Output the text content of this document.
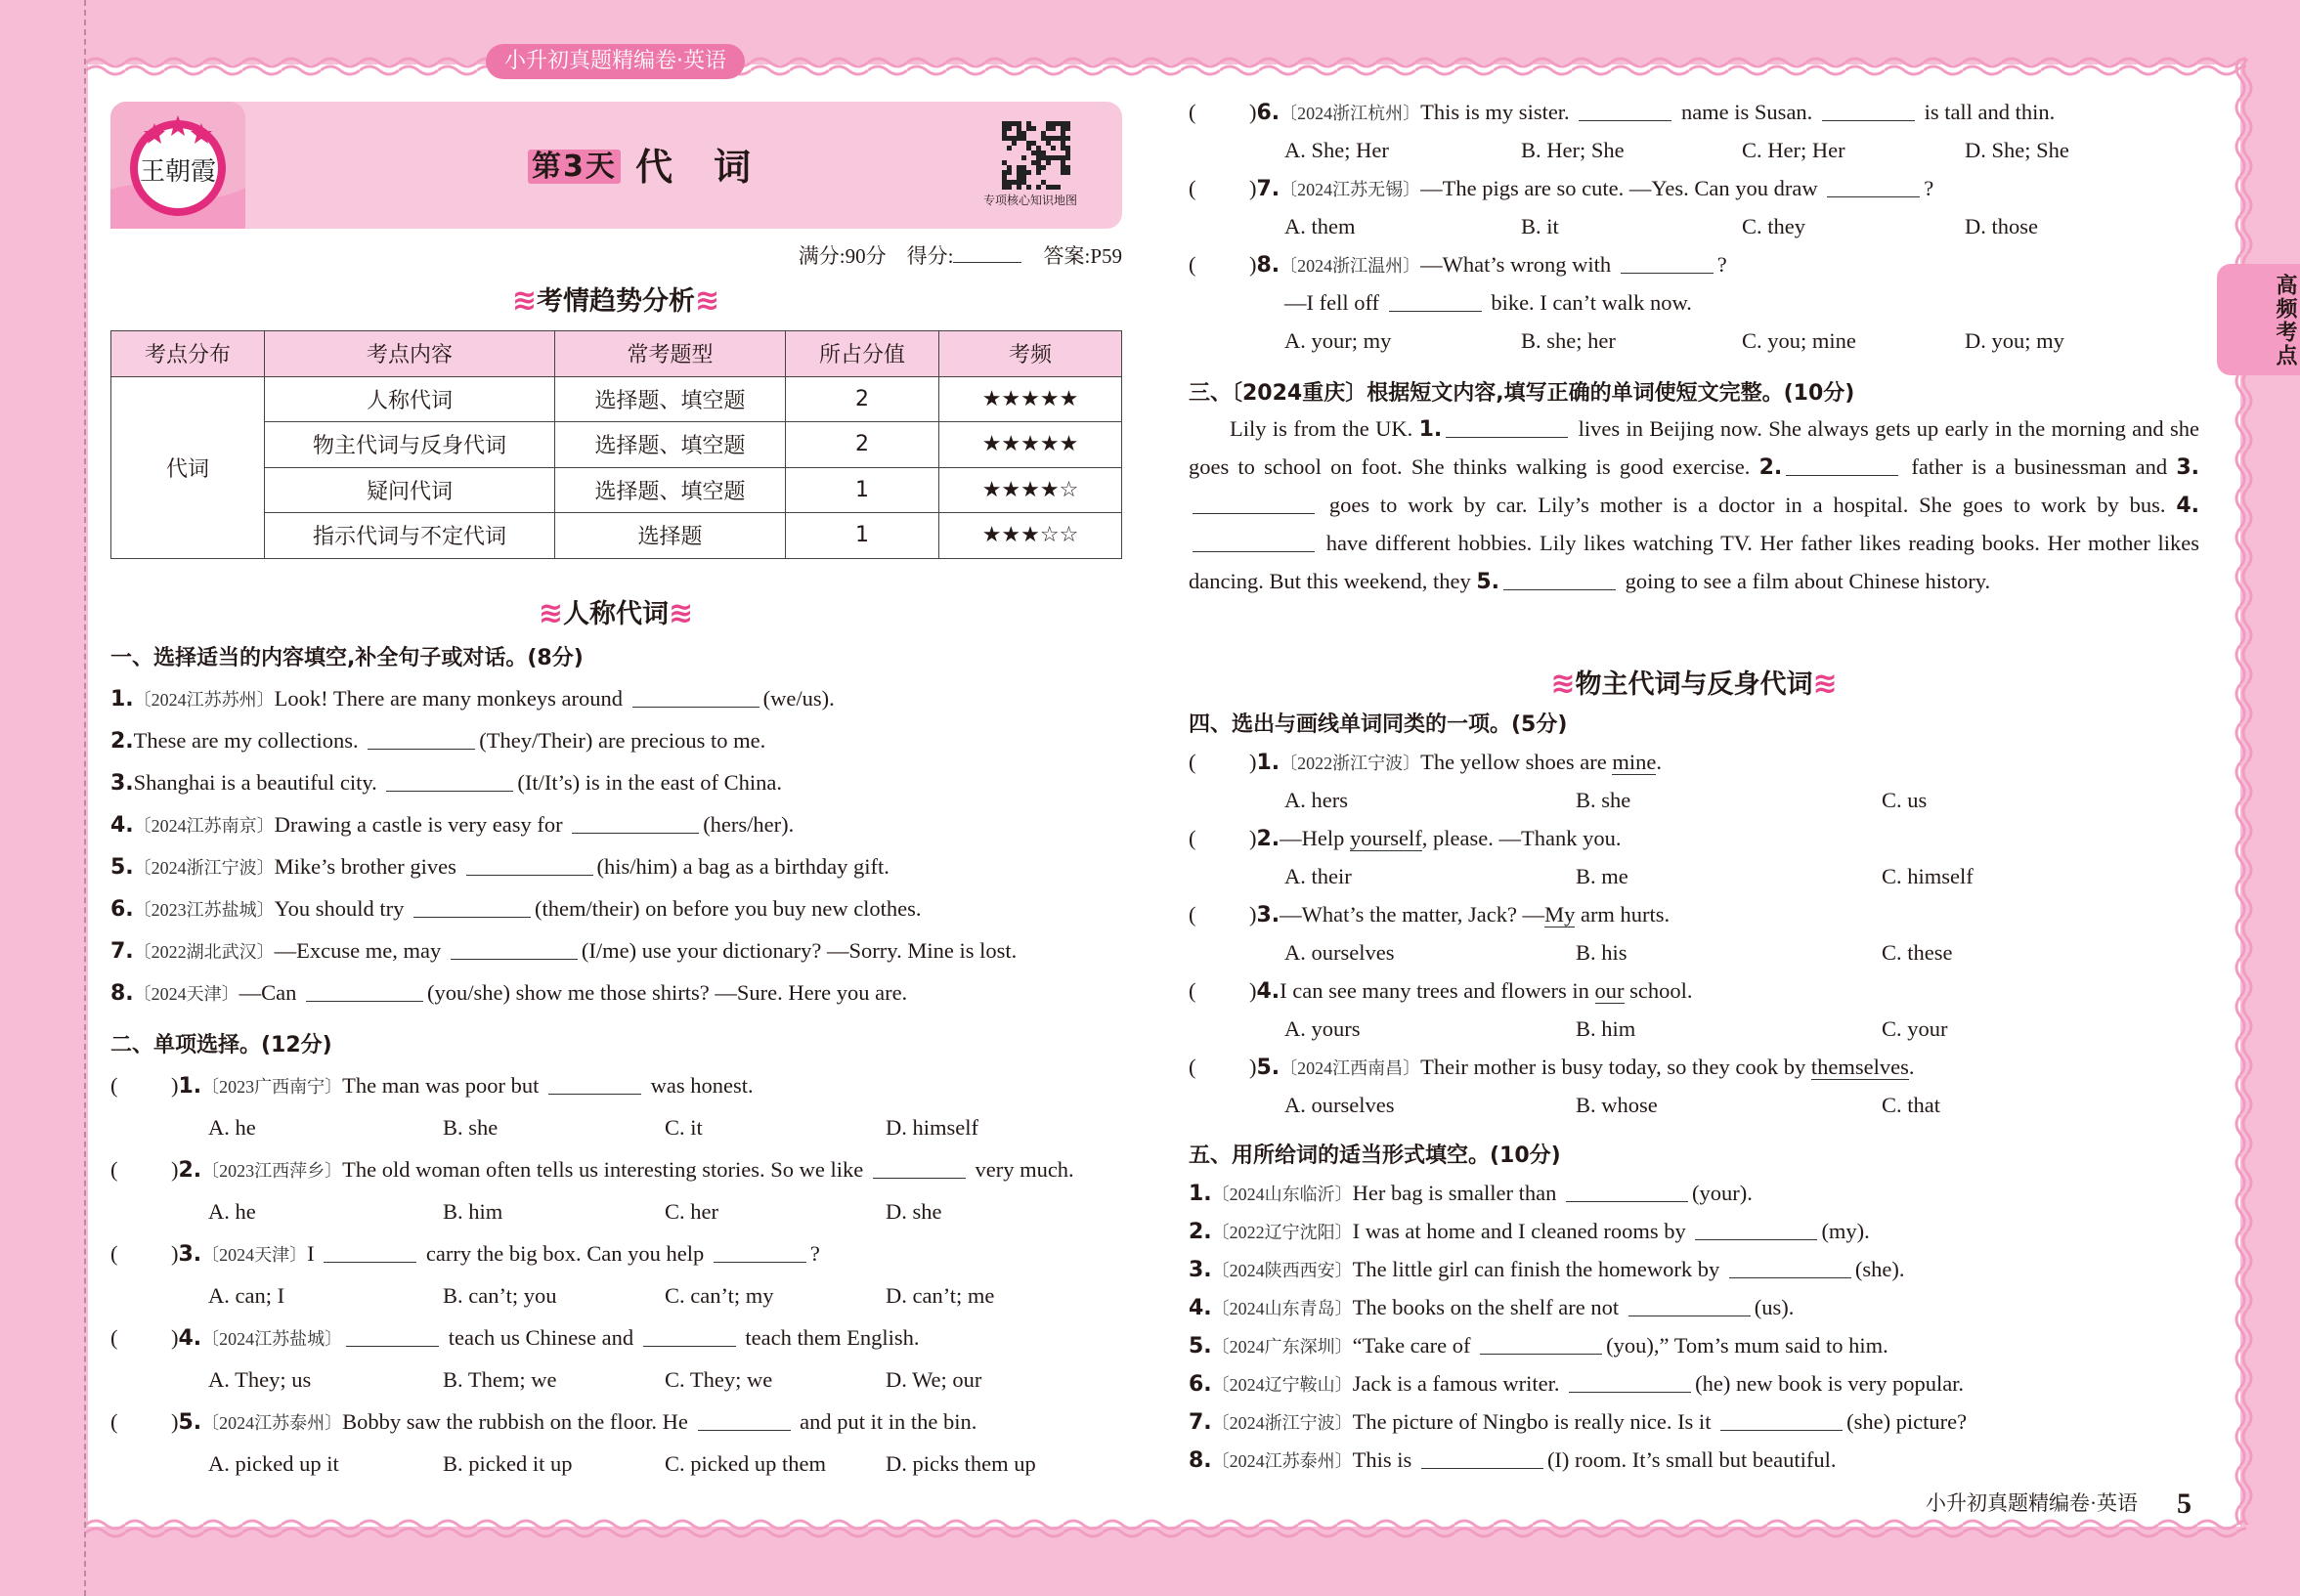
小升初真题精编卷·英语
王朝霞	第3天 代　词
专项核心知识地图
满分:90分　 得分:	答案:P59
≋考情趋势分析≋
考点分布	考点内容	常考题型	所占分值	考频
代词	人称代词	选择题、填空题	2	★★★★★
	物主代词与反身代词	选择题、填空题	2	★★★★★
	疑问代词	选择题、填空题	1	★★★★☆
	指示代词与不定代词	选择题	1	★★★☆☆
≋人称代词≋
一、选择适当的内容填空,补全句子或对话。(8分)
1.〔2024江苏苏州〕Look! There are many monkeys around	(we/us).
2.These are my collections.	(They/Their) are precious to me.
3.Shanghai is a beautiful city.	(It/It’s) is in the east of China.
4.〔2024江苏南京〕Drawing a castle is very easy for	(hers/her).
5.〔2024浙江宁波〕Mike’s brother gives	(his/him) a bag as a birthday gift.
6.〔2023江苏盐城〕You should try	(them/their) on before you buy new clothes.
7.〔2022湖北武汉〕—Excuse me, may	(I/me) use your dictionary? —Sorry. Mine is lost.
8.〔2024天津〕—Can	(you/she) show me those shirts? —Sure. Here you are.
二、单项选择。(12分)
( )1.〔2023广西南宁〕The man was poor but	was honest.
A. he	B. she	C. it	D. himself
( )2.〔2023江西萍乡〕The old woman often tells us interesting stories. So we like	very much.
A. he	B. him	C. her	D. she
( )3.〔2024天津〕I	carry the big box. Can you help	?
A. can; I	B. can’t; you	C. can’t; my	D. can’t; me
( )4.〔2024江苏盐城〕	teach us Chinese and	teach them English.
A. They; us	B. Them; we	C. They; we	D. We; our
( )5.〔2024江苏泰州〕Bobby saw the rubbish on the floor. He	and put it in the bin.
A. picked up it	B. picked it up	C. picked up them	D. picks them up
( )6.〔2024浙江杭州〕This is my sister.	name is Susan.	is tall and thin.
A. She; Her	B. Her; She	C. Her; Her	D. She; She
( )7.〔2024江苏无锡〕—The pigs are so cute. —Yes. Can you draw	?
A. them	B. it	C. they	D. those
( )8.〔2024浙江温州〕—What’s wrong with	?
—I fell off	bike. I can’t walk now.
A. your; my	B. she; her	C. you; mine	D. you; my
三、〔2024重庆〕根据短文内容,填写正确的单词使短文完整。(10分)
Lily is from the UK. 1.	lives in Beijing now. She always gets up early in the morning and she goes to school on foot. She thinks walking is good exercise. 2.	father is a businessman and 3. goes to work by car. Lily’s mother is a doctor in a hospital. She goes to work by bus. 4. have different hobbies. Lily likes watching TV. Her father likes reading books. Her mother likes dancing. But this weekend, they 5.	going to see a film about Chinese history.
≋物主代词与反身代词≋
四、选出与画线单词同类的一项。(5分)
( )1.〔2022浙江宁波〕The yellow shoes are mine.
A. hers	B. she	C. us
( )2.—Help yourself, please. —Thank you.
A. their	B. me	C. himself
( )3.—What’s the matter, Jack? —My arm hurts.
A. ourselves	B. his	C. these
( )4.I can see many trees and flowers in our school.
A. yours	B. him	C. your
( )5.〔2024江西南昌〕Their mother is busy today, so they cook by themselves.
A. ourselves	B. whose	C. that
五、用所给词的适当形式填空。(10分)
1.〔2024山东临沂〕Her bag is smaller than	(your).
2.〔2022辽宁沈阳〕I was at home and I cleaned rooms by	(my).
3.〔2024陕西西安〕The little girl can finish the homework by	(she).
4.〔2024山东青岛〕The books on the shelf are not	(us).
5.〔2024广东深圳〕“Take care of	(you),” Tom’s mum said to him.
6.〔2024辽宁鞍山〕Jack is a famous writer.	(he) new book is very popular.
7.〔2024浙江宁波〕The picture of Ningbo is really nice. Is it	(she) picture?
8.〔2024江苏泰州〕This is	(I) room. It’s small but beautiful.
高频考点
小升初真题精编卷·英语 5
